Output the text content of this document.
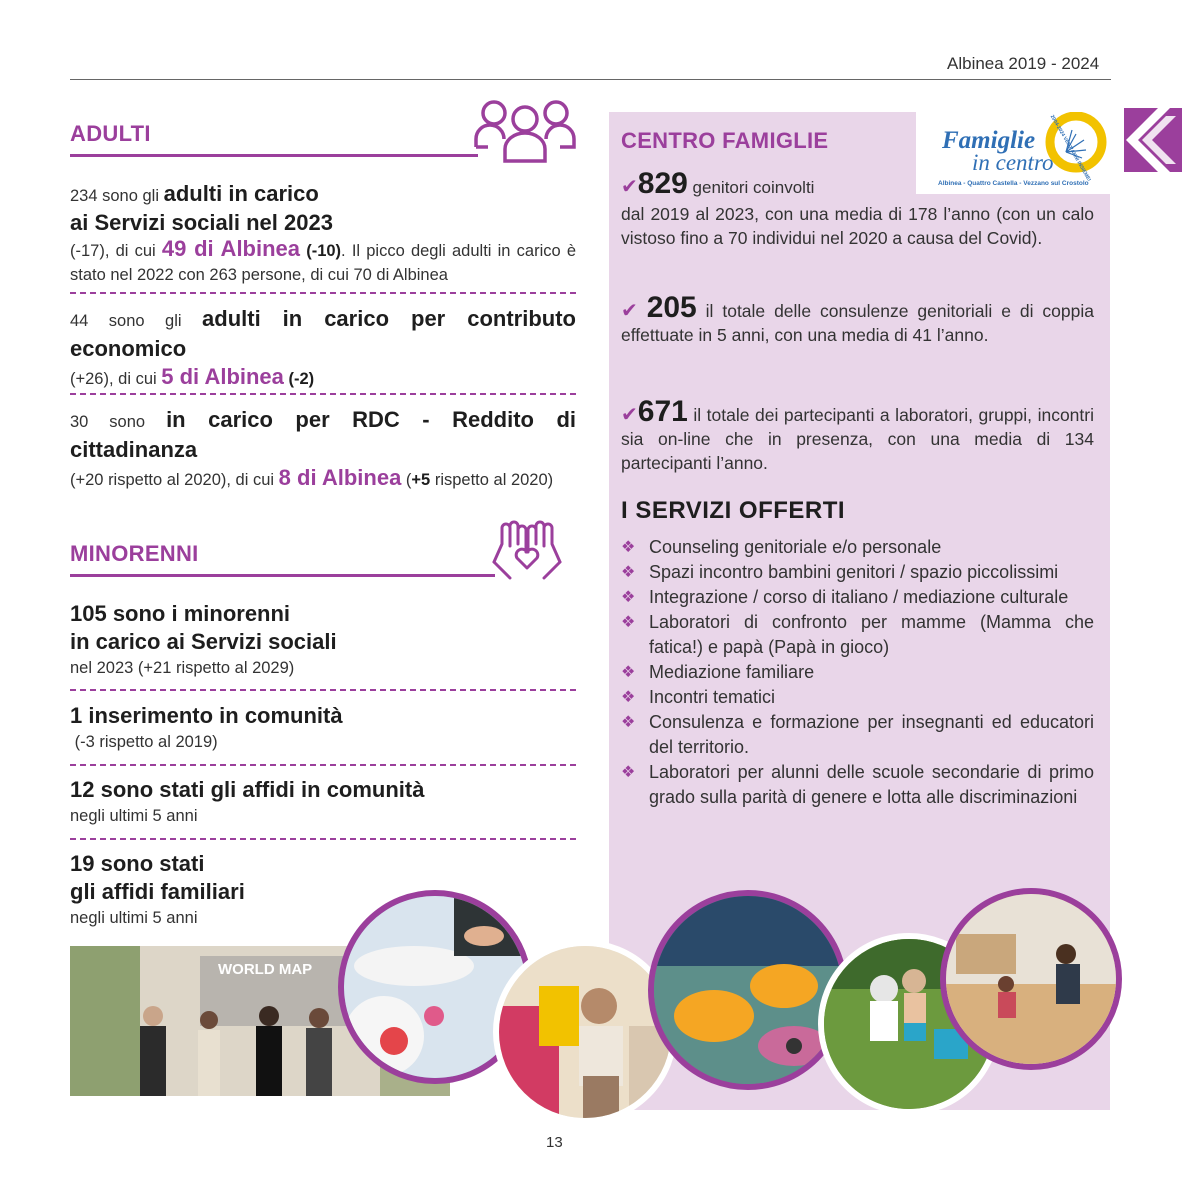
Albinea 2019 - 2024
ADULTI
234 sono gli adulti in carico
ai Servizi sociali nel 2023
(-17), di cui 49 di Albinea (-10). Il picco degli adulti in carico è stato nel 2022 con 263 persone, di cui 70 di Albinea
44 sono gli adulti in carico per contributo economico
(+26), di cui 5 di Albinea (-2)
30 sono in carico per RDC - Reddito di cittadinanza
(+20 rispetto al 2020), di cui 8 di Albinea (+5 rispetto al 2020)
MINORENNI
105 sono i minorenni
in carico ai Servizi sociali
nel 2023 (+21 rispetto al 2029)
1 inserimento in comunità
(-3 rispetto al 2019)
12 sono stati gli affidi in comunità
negli ultimi 5 anni
19 sono stati
gli affidi familiari
negli ultimi 5 anni
Famiglie
in centro
Albinea - Quattro Castella - Vezzano sul Crostolo
2004-2024 VENT'ANNI INSIEME!
CENTRO FAMIGLIE
✔829 genitori coinvolti
dal 2019 al 2023, con una media di 178 l’anno (con un calo vistoso fino a 70 individui nel 2020 a causa del Covid).
✔ 205 il totale delle consulenze genitoriali e di coppia effettuate in 5 anni, con una media di 41 l’anno.
✔671 il totale dei partecipanti a laboratori, gruppi, incontri sia on-line che in presenza, con una media di 134 partecipanti l’anno.
I SERVIZI OFFERTI
❖ Counseling genitoriale e/o personale
❖ Spazi incontro bambini genitori / spazio piccolissimi
❖ Integrazione / corso di italiano / mediazione culturale
❖ Laboratori di confronto per mamme (Mamma che fatica!) e papà (Papà in gioco)
❖ Mediazione familiare
❖ Incontri tematici
❖ Consulenza e formazione per insegnanti ed educatori del territorio.
❖ Laboratori per alunni delle scuole secondarie di primo grado sulla parità di genere e lotta alle discriminazioni
WORLD MAP
13
